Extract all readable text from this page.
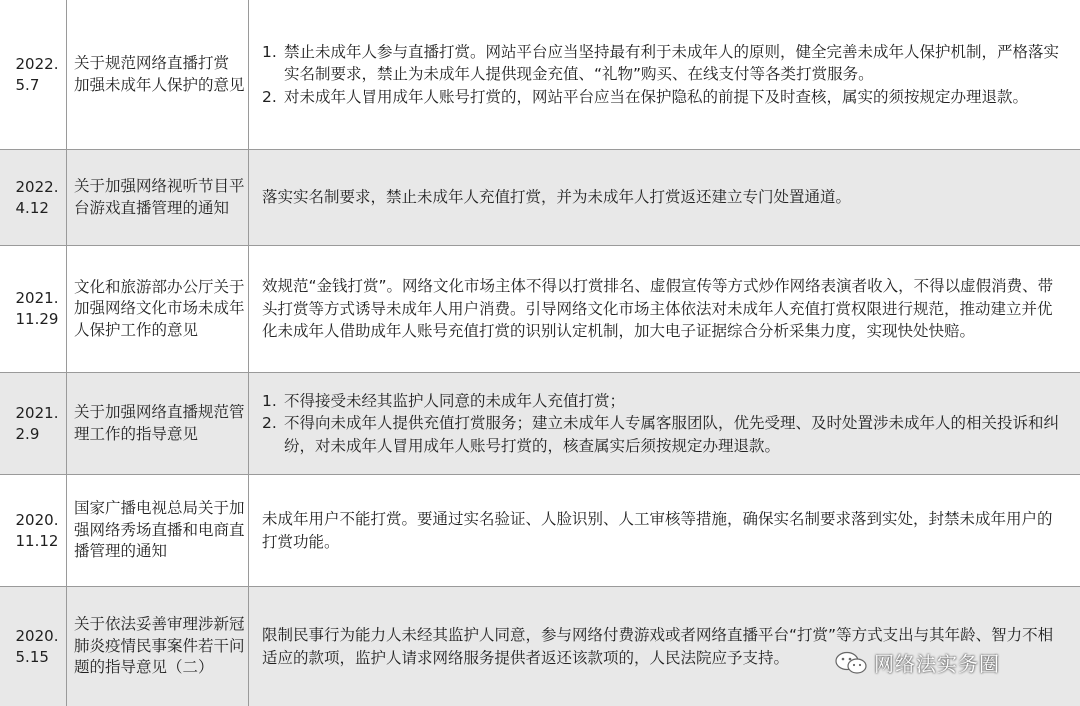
2022.
5.7
关于规范网络直播打赏 加强未成年人保护的意见
1. 禁止未成年人参与直播打赏。网站平台应当坚持最有利于未成年人的原则，健全完善未成年人保护机制，严格落实实名制要求，禁止为未成年人提供现金充值、“礼物”购买、在线支付等各类打赏服务。
2. 对未成年人冒用成年人账号打赏的，网站平台应当在保护隐私的前提下及时查核，属实的须按规定办理退款。
2022.
4.12
关于加强网络视听节目平台游戏直播管理的通知
落实实名制要求，禁止未成年人充值打赏，并为未成年人打赏返还建立专门处置通道。
2021.
11.29
文化和旅游部办公厅关于加强网络文化市场未成年人保护工作的意见
效规范“金钱打赏”。网络文化市场主体不得以打赏排名、虚假宣传等方式炒作网络表演者收入，不得以虚假消费、带头打赏等方式诱导未成年人用户消费。引导网络文化市场主体依法对未成年人充值打赏权限进行规范，推动建立并优化未成年人借助成年人账号充值打赏的识别认定机制，加大电子证据综合分析采集力度，实现快处快赔。
2021.
2.9
关于加强网络直播规范管理工作的指导意见
1. 不得接受未经其监护人同意的未成年人充值打赏；
2. 不得向未成年人提供充值打赏服务；建立未成年人专属客服团队，优先受理、及时处置涉未成年人的相关投诉和纠纷，对未成年人冒用成年人账号打赏的，核查属实后须按规定办理退款。
2020.
11.12
国家广播电视总局关于加强网络秀场直播和电商直播管理的通知
未成年用户不能打赏。要通过实名验证、人脸识别、人工审核等措施，确保实名制要求落到实处，封禁未成年用户的打赏功能。
2020.
5.15
关于依法妥善审理涉新冠肺炎疫情民事案件若干问题的指导意见（二）
限制民事行为能力人未经其监护人同意，参与网络付费游戏或者网络直播平台“打赏”等方式支出与其年龄、智力不相适应的款项，监护人请求网络服务提供者返还该款项的，人民法院应予支持。	网络法实务圈
